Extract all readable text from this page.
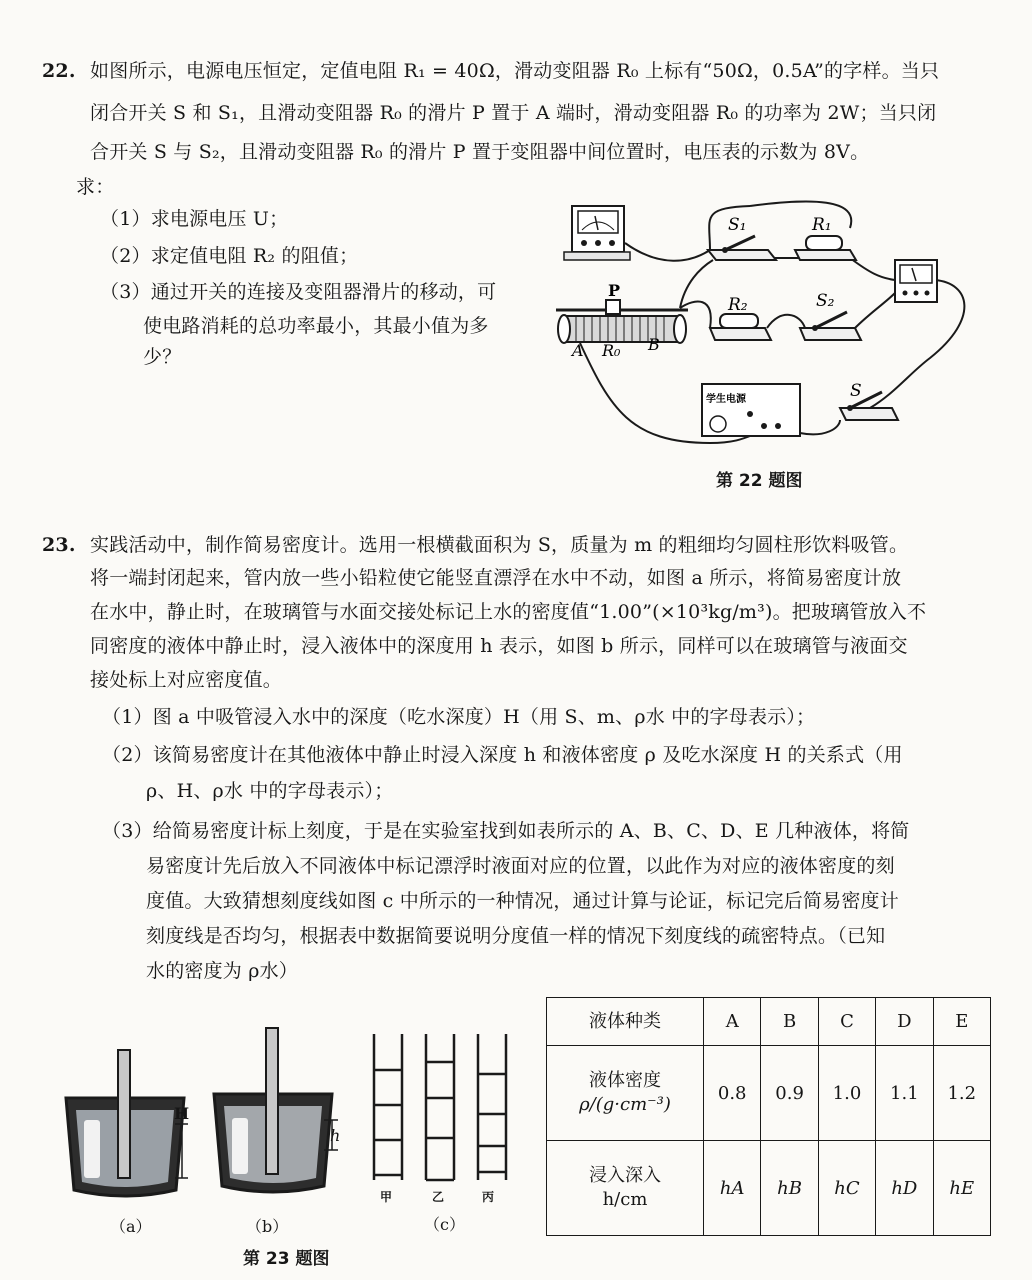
22. 如图所示，电源电压恒定，定值电阻 R₁ = 40Ω，滑动变阻器 R₀ 上标有“50Ω，0.5A”的字样。当只
闭合开关 S 和 S₁，且滑动变阻器 R₀ 的滑片 P 置于 A 端时，滑动变阻器 R₀ 的功率为 2W；当只闭
合开关 S 与 S₂，且滑动变阻器 R₀ 的滑片 P 置于变阻器中间位置时，电压表的示数为 8V。
求：
（1）求电源电压 U；
（2）求定值电阻 R₂ 的阻值；
（3）通过开关的连接及变阻器滑片的移动，可
使电路消耗的总功率最小，其最小值为多
少？
S₁	R₁
R₂	S₂
S
学生电源
P
A R₀ B
第 22 题图
23. 实践活动中，制作简易密度计。选用一根横截面积为 S，质量为 m 的粗细均匀圆柱形饮料吸管。
将一端封闭起来，管内放一些小铅粒使它能竖直漂浮在水中不动，如图 a 所示，将简易密度计放
在水中，静止时，在玻璃管与水面交接处标记上水的密度值“1.00”(×10³kg/m³)。把玻璃管放入不
同密度的液体中静止时，浸入液体中的深度用 h 表示，如图 b 所示，同样可以在玻璃管与液面交
接处标上对应密度值。
（1）图 a 中吸管浸入水中的深度（吃水深度）H（用 S、m、ρ水 中的字母表示）；
（2）该简易密度计在其他液体中静止时浸入深度 h 和液体密度 ρ 及吃水深度 H 的关系式（用
ρ、H、ρ水 中的字母表示）；
（3）给简易密度计标上刻度，于是在实验室找到如表所示的 A、B、C、D、E 几种液体，将简
易密度计先后放入不同液体中标记漂浮时液面对应的位置，以此作为对应的液体密度的刻
度值。大致猜想刻度线如图 c 中所示的一种情况，通过计算与论证，标记完后简易密度计
刻度线是否均匀，根据表中数据简要说明分度值一样的情况下刻度线的疏密特点。（已知
水的密度为 ρ水）
H
（a）
h
（b）
甲	乙	丙
（c）
第 23 题图
液体种类	A	B	C	D	E

液体密度
ρ/(g·cm⁻³)	0.8	0.9	1.0	1.1	1.2

浸入深入
h/cm	hA	hB	hC	hD	hE
